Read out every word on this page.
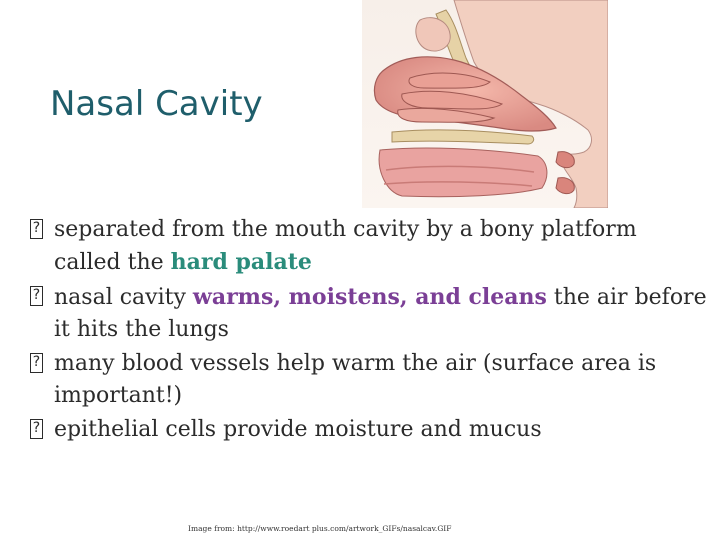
Nasal Cavity
? separated from the mouth cavity by a bony platform called the hard palate
? nasal cavity warms, moistens, and cleans the air before it hits the lungs
? many blood vessels help warm the air (surface area is important!)
? epithelial cells provide moisture and mucus
Image from: http://www.roedart plus.com/artwork_GIFs/nasalcav.GIF
